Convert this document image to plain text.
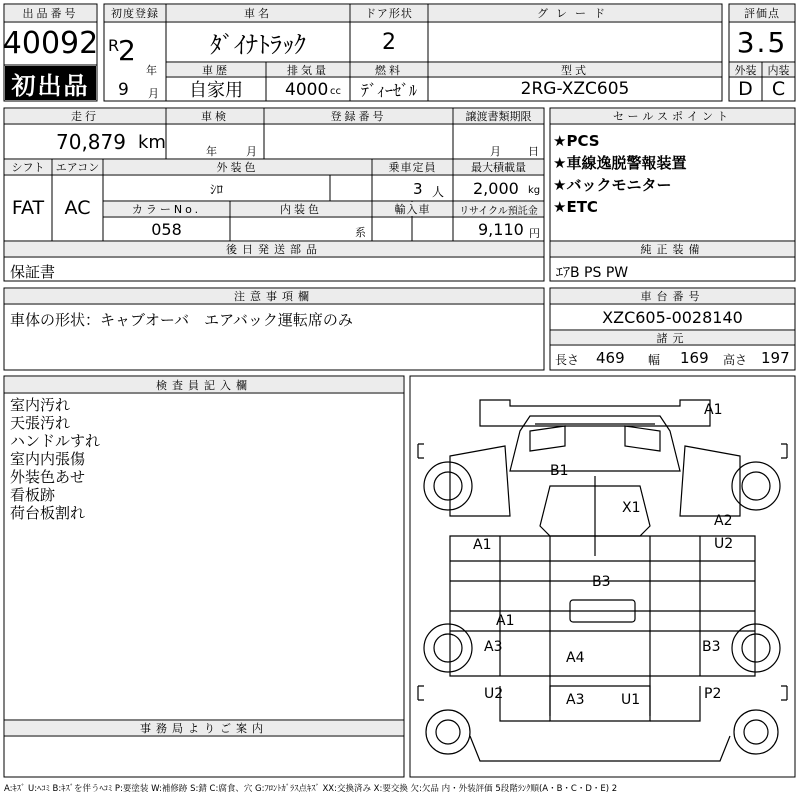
出品番号
40092
初出品
初度登録
R
2
年
9 月
車名
ﾀﾞｲﾅﾄﾗｯｸ
ドア形状
2
グレード
車歴
自家用
排気量
4000 cc
燃料
ﾃﾞｨｰｾﾞﾙ
型式
2RG-XZC605
評価点
3.5
外装	内装
D	C
走行
70,879 km
車検
年	月
登録番号	譲渡書類期限
月 日
シフト
FAT
エアコン
AC
外装色
ｼﾛ
乗車定員
3 人
最大積載量
2,000 kg
カラーNo.
058
内装色
系
輸入車	リサイクル預託金
9,110 円
セールスポイント
★PCS
★車線逸脱警報装置
★バックモニター
★ETC
後日発送部品
保証書
純正装備
ｴｱB PS PW
注意事項欄
車体の形状：キャブオーバ　エアバック運転席のみ
車台番号
XZC605-0028140
諸元
長さ 469 幅 169 高さ 197
検査員記入欄
室内汚れ
天張汚れ
ハンドルすれ
室内内張傷
外装色あせ
看板跡
荷台板割れ
事務局よりご案内
A1
B1
X1
A2
U2
A1
B3
A1
A3
A4
B3
U2	A3	U1	P2
A:ｷｽﾞ U:ﾍｺﾐ B:ｷｽﾞを伴うﾍｺﾐ P:要塗装 W:補修跡 S:錆 C:腐食、穴 G:ﾌﾛﾝﾄｶﾞﾗｽ点ｷｽﾞ XX:交換済み X:要交換 欠:欠品 内・外装評価 5段階ﾗﾝｸ順(A・B・C・D・E) 2
